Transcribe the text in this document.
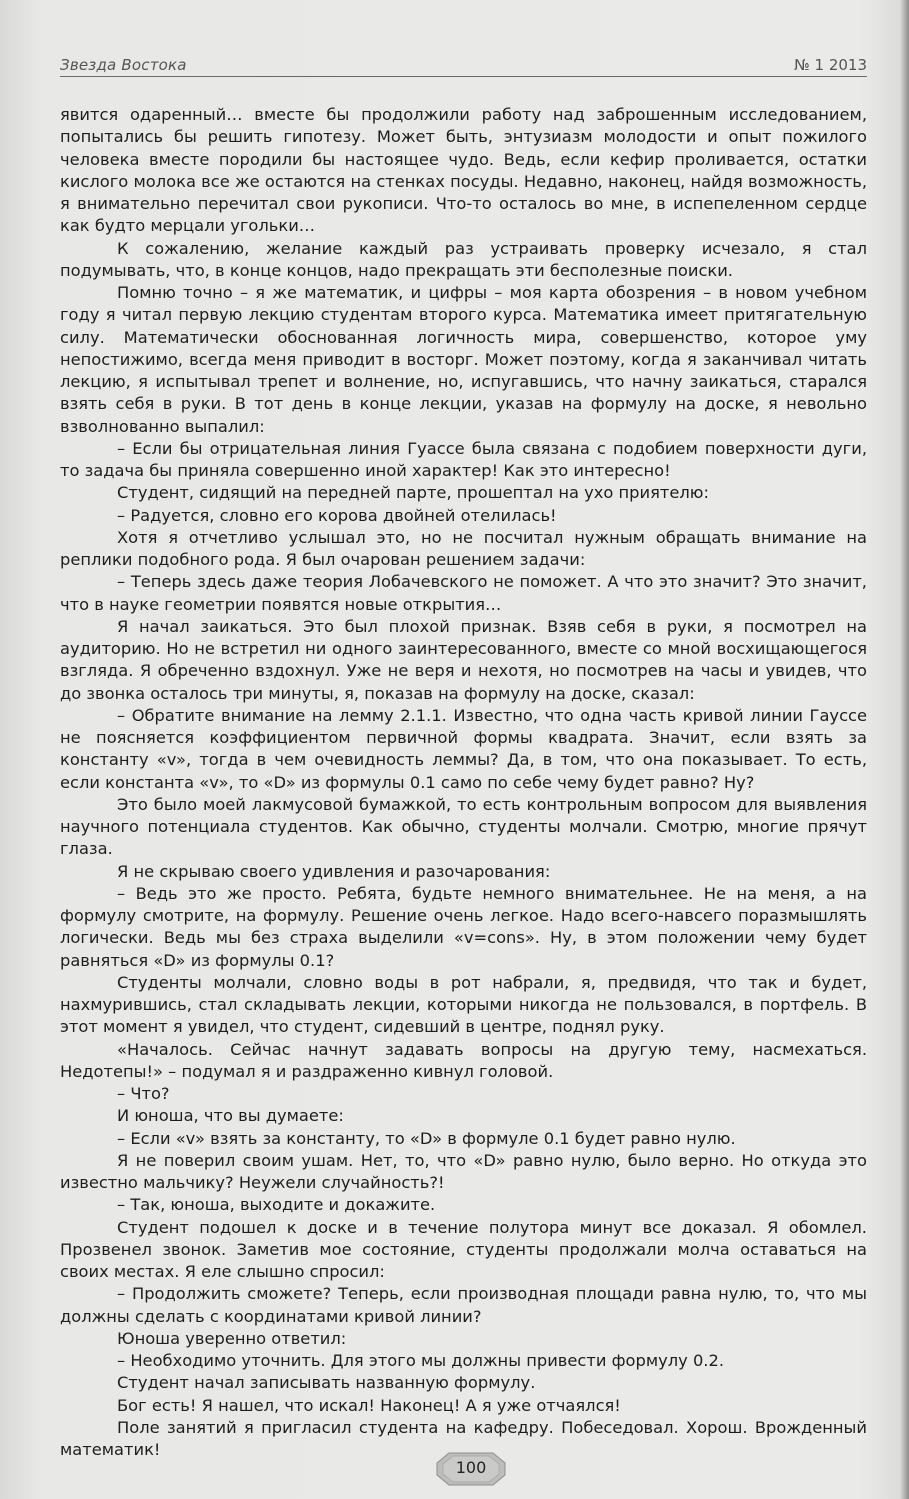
Звезда Востока	№ 1 2013

явится одаренный… вместе бы продолжили работу над заброшенным исследованием, попытались бы решить гипотезу. Может быть, энтузиазм молодости и опыт пожилого человека вместе породили бы настоящее чудо. Ведь, если кефир проливается, остатки кислого молока все же остаются на стенках посуды. Недавно, наконец, найдя возможность, я внимательно перечитал свои рукописи. Что-то осталось во мне, в испепеленном сердце как будто мерцали угольки…

К сожалению, желание каждый раз устраивать проверку исчезало, я стал подумывать, что, в конце концов, надо прекращать эти бесполезные поиски.

Помню точно – я же математик, и цифры – моя карта обозрения – в новом учебном году я читал первую лекцию студентам второго курса. Математика имеет притягательную силу. Математически обоснованная логичность мира, совершенство, которое уму непостижимо, всегда меня приводит в восторг. Может поэтому, когда я заканчивал читать лекцию, я испытывал трепет и волнение, но, испугавшись, что начну заикаться, старался взять себя в руки. В тот день в конце лекции, указав на формулу на доске, я невольно взволнованно выпалил:

– Если бы отрицательная линия Гуассе была связана с подобием поверхности дуги, то задача бы приняла совершенно иной характер! Как это интересно!

Студент, сидящий на передней парте, прошептал на ухо приятелю:

– Радуется, словно его корова двойней отелилась!

Хотя я отчетливо услышал это, но не посчитал нужным обращать внимание на реплики подобного рода. Я был очарован решением задачи:

– Теперь здесь даже теория Лобачевского не поможет. А что это значит? Это значит, что в науке геометрии появятся новые открытия…

Я начал заикаться. Это был плохой признак. Взяв себя в руки, я посмотрел на аудиторию. Но не встретил ни одного заинтересованного, вместе со мной восхищающегося взгляда. Я обреченно вздохнул. Уже не веря и нехотя, но посмотрев на часы и увидев, что до звонка осталось три минуты, я, показав на формулу на доске, сказал:

– Обратите внимание на лемму 2.1.1. Известно, что одна часть кривой линии Гауссе не поясняется коэффициентом первичной формы квадрата. Значит, если взять за константу «v», тогда в чем очевидность леммы? Да, в том, что она показывает. То есть, если константа «v», то «D» из формулы 0.1 само по себе чему будет равно? Ну?

Это было моей лакмусовой бумажкой, то есть контрольным вопросом для выявления научного потенциала студентов. Как обычно, студенты молчали. Смотрю, многие прячут глаза.

Я не скрываю своего удивления и разочарования:

– Ведь это же просто. Ребята, будьте немного внимательнее. Не на меня, а на формулу смотрите, на формулу. Решение очень легкое. Надо всего-навсего поразмышлять логически. Ведь мы без страха выделили «v=cons». Ну, в этом положении чему будет равняться «D» из формулы 0.1?

Студенты молчали, словно воды в рот набрали, я, предвидя, что так и будет, нахмурившись, стал складывать лекции, которыми никогда не пользовался, в портфель. В этот момент я увидел, что студент, сидевший в центре, поднял руку.

«Началось. Сейчас начнут задавать вопросы на другую тему, насмехаться. Недотепы!» – подумал я и раздраженно кивнул головой.

– Что?

И юноша, что вы думаете:

– Если «v» взять за константу, то «D» в формуле 0.1 будет равно нулю.

Я не поверил своим ушам. Нет, то, что «D» равно нулю, было верно. Но откуда это известно мальчику? Неужели случайность?!

– Так, юноша, выходите и докажите.

Студент подошел к доске и в течение полутора минут все доказал. Я обомлел. Прозвенел звонок. Заметив мое состояние, студенты продолжали молча оставаться на своих местах. Я еле слышно спросил:

– Продолжить сможете? Теперь, если производная площади равна нулю, то, что мы должны сделать с координатами кривой линии?

Юноша уверенно ответил:

– Необходимо уточнить. Для этого мы должны привести формулу 0.2.

Студент начал записывать названную формулу.

Бог есть! Я нашел, что искал! Наконец! А я уже отчаялся!

Поле занятий я пригласил студента на кафедру. Побеседовал. Хорош. Врожденный математик!

100
